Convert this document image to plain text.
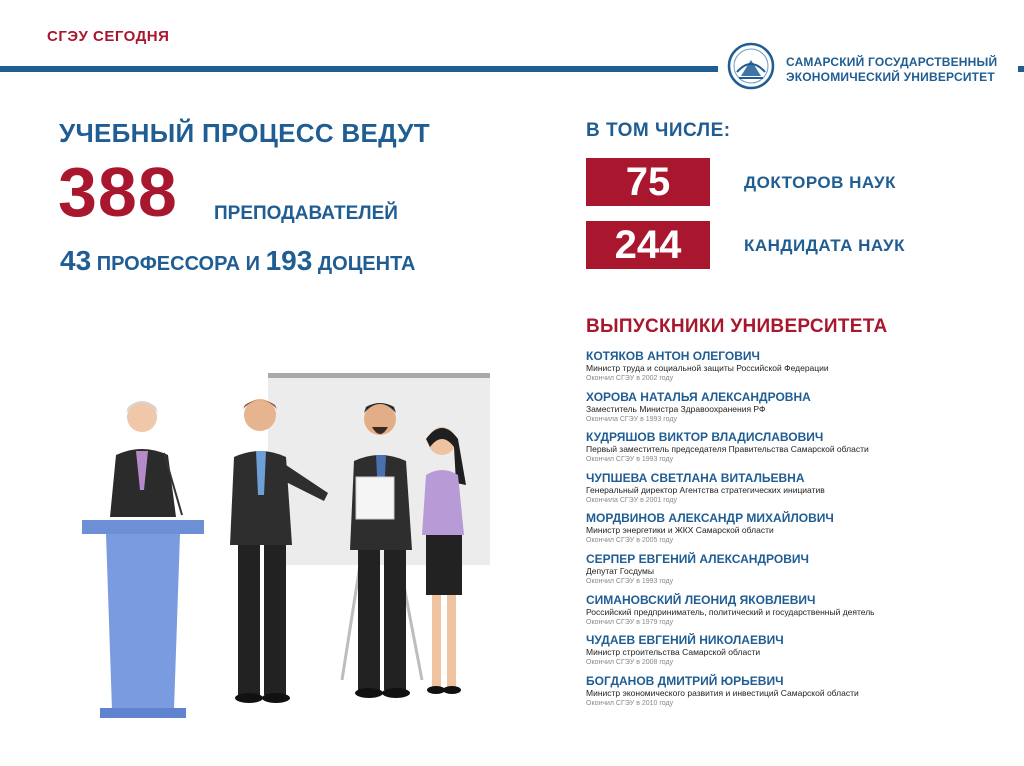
СГЭУ СЕГОДНЯ
САМАРСКИЙ ГОСУДАРСТВЕННЫЙ
ЭКОНОМИЧЕСКИЙ УНИВЕРСИТЕТ
УЧЕБНЫЙ ПРОЦЕСС ВЕДУТ
388 ПРЕПОДАВАТЕЛЕЙ
43 ПРОФЕССОРА И 193 ДОЦЕНТА
В ТОМ ЧИСЛЕ:
75	ДОКТОРОВ НАУК
244	КАНДИДАТА НАУК
ВЫПУСКНИКИ УНИВЕРСИТЕТА
КОТЯКОВ АНТОН ОЛЕГОВИЧ
Министр труда и социальной защиты Российской Федерации
Окончил СГЭУ в 2002 году
ХОРОВА НАТАЛЬЯ АЛЕКСАНДРОВНА
Заместитель Министра Здравоохранения РФ
Окончила СГЭУ в 1993 году
КУДРЯШОВ ВИКТОР ВЛАДИСЛАВОВИЧ
Первый заместитель председателя Правительства Самарской области
Окончил СГЭУ в 1993 году
ЧУПШЕВА СВЕТЛАНА ВИТАЛЬЕВНА
Генеральный директор Агентства стратегических инициатив
Окончила СГЭУ в 2001 году
МОРДВИНОВ АЛЕКСАНДР МИХАЙЛОВИЧ
Министр энергетики и ЖКХ Самарской области
Окончил СГЭУ в 2005 году
СЕРПЕР ЕВГЕНИЙ АЛЕКСАНДРОВИЧ
Депутат Госдумы
Окончил СГЭУ в 1993 году
СИМАНОВСКИЙ ЛЕОНИД ЯКОВЛЕВИЧ
Российский предприниматель, политический и государственный деятель
Окончил СГЭУ в 1979 году
ЧУДАЕВ ЕВГЕНИЙ НИКОЛАЕВИЧ
Министр строительства Самарской области
Окончил СГЭУ в 2008 году
БОГДАНОВ ДМИТРИЙ ЮРЬЕВИЧ
Министр экономического развития и инвестиций Самарской области
Окончил СГЭУ в 2010 году
